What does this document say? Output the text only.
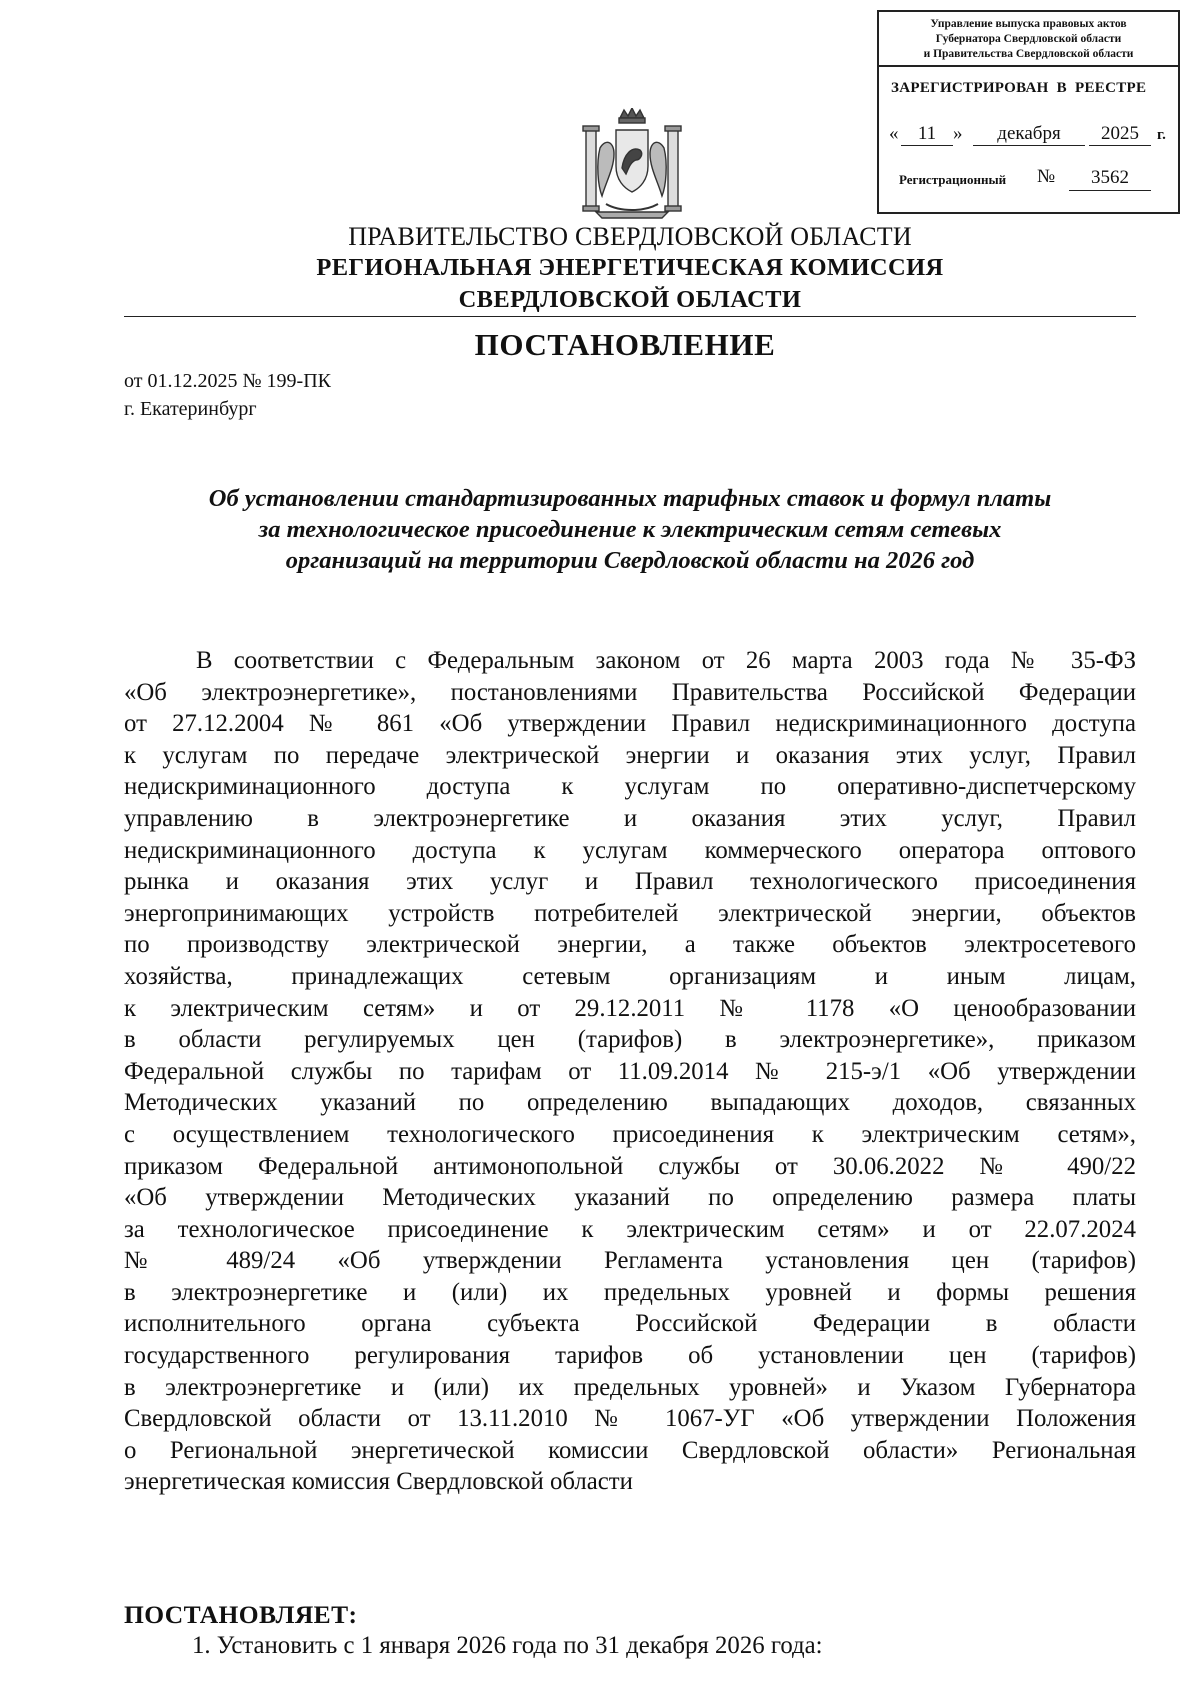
Управление выпуска правовых актов
Губернатора Свердловской области
и Правительства Свердловской области
ЗАРЕГИСТРИРОВАН В РЕЕСТРЕ
«	11 »	декабря	2025	г.
Регистрационный №	3562
ПРАВИТЕЛЬСТВО СВЕРДЛОВСКОЙ ОБЛАСТИ
РЕГИОНАЛЬНАЯ ЭНЕРГЕТИЧЕСКАЯ КОМИССИЯ
СВЕРДЛОВСКОЙ ОБЛАСТИ
ПОСТАНОВЛЕНИЕ
от 01.12.2025 № 199-ПК
г. Екатеринбург
Об установлении стандартизированных тарифных ставок и формул платы
за технологическое присоединение к электрическим сетям сетевых
организаций на территории Свердловской области на 2026 год
В соответствии с Федеральным законом от 26 марта 2003 года № 35-ФЗ
«Об электроэнергетике», постановлениями Правительства Российской Федерации
от 27.12.2004 № 861 «Об утверждении Правил недискриминационного доступа
к услугам по передаче электрической энергии и оказания этих услуг, Правил
недискриминационного доступа к услугам по оперативно-диспетчерскому
управлению в электроэнергетике и оказания этих услуг, Правил
недискриминационного доступа к услугам коммерческого оператора оптового
рынка и оказания этих услуг и Правил технологического присоединения
энергопринимающих устройств потребителей электрической энергии, объектов
по производству электрической энергии, а также объектов электросетевого
хозяйства, принадлежащих сетевым организациям и иным лицам,
к электрическим сетям» и от 29.12.2011 № 1178 «О ценообразовании
в области регулируемых цен (тарифов) в электроэнергетике», приказом
Федеральной службы по тарифам от 11.09.2014 № 215-э/1 «Об утверждении
Методических указаний по определению выпадающих доходов, связанных
с осуществлением технологического присоединения к электрическим сетям»,
приказом Федеральной антимонопольной службы от 30.06.2022 № 490/22
«Об утверждении Методических указаний по определению размера платы
за технологическое присоединение к электрическим сетям» и от 22.07.2024
№ 489/24 «Об утверждении Регламента установления цен (тарифов)
в электроэнергетике и (или) их предельных уровней и формы решения
исполнительного органа субъекта Российской Федерации в области
государственного регулирования тарифов об установлении цен (тарифов)
в электроэнергетике и (или) их предельных уровней» и Указом Губернатора
Свердловской области от 13.11.2010 № 1067-УГ «Об утверждении Положения
о Региональной энергетической комиссии Свердловской области» Региональная
энергетическая комиссия Свердловской области
ПОСТАНОВЛЯЕТ:
1. Установить с 1 января 2026 года по 31 декабря 2026 года:
